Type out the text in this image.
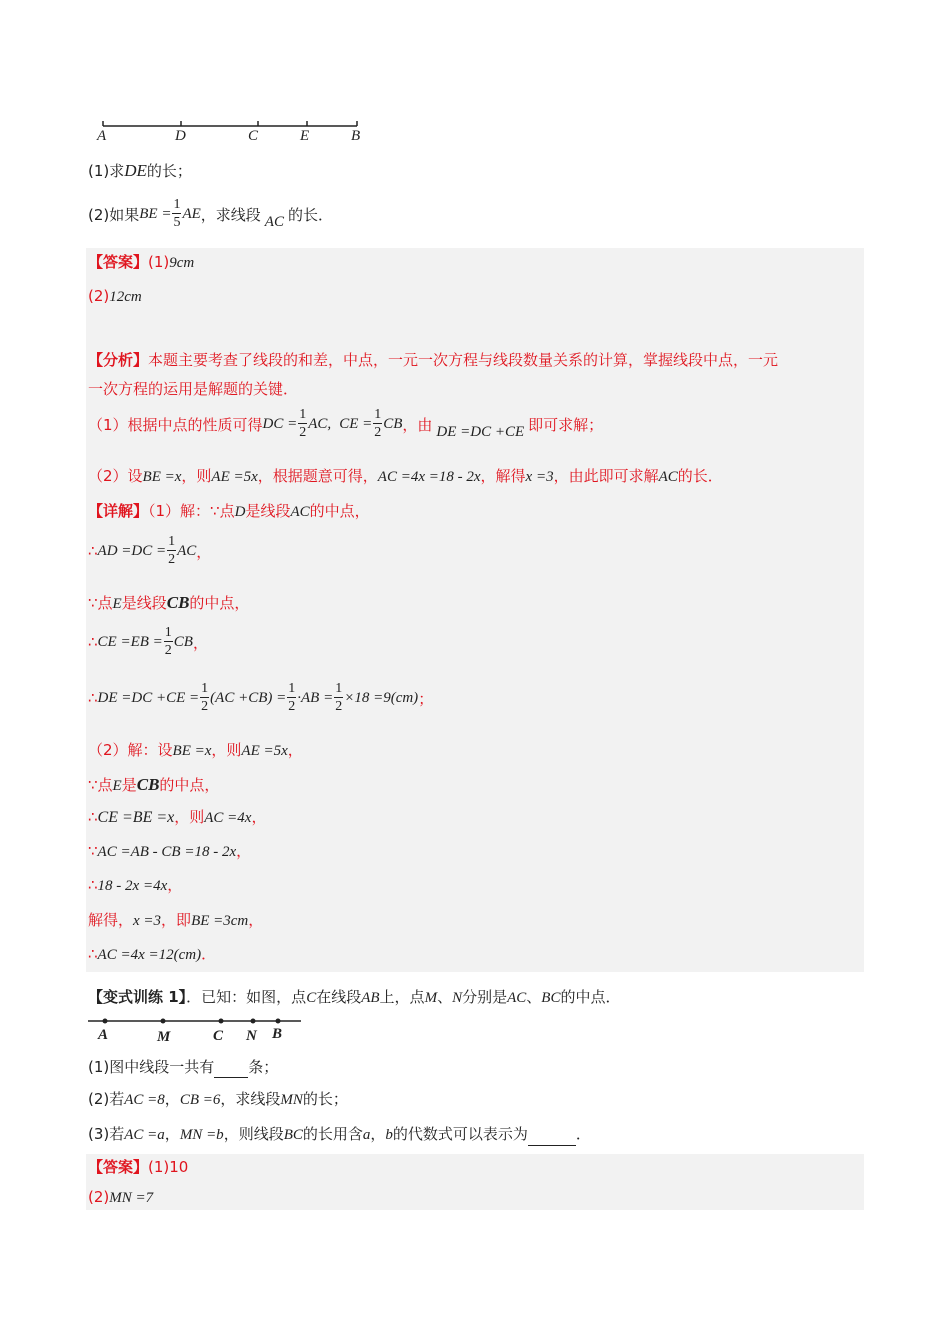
A	D	C	E	B
(1)求DE的长；
(2)如果 BE = $\frac{1}{5}$ AE ，求线段 AC 的长．
【答案】(1)9cm
(2)12cm
【分析】本题主要考查了线段的和差，中点，一元一次方程与线段数量关系的计算，掌握线段中点，一元
一次方程的运用是解题的关键．
（1）根据中点的性质可得 DC = $\frac{1}{2}$ AC, CE = $\frac{1}{2}$ CB ，由 DE =DC +CE 即可求解；
（2）设BE =x，则AE =5x，根据题意可得，AC =4x =18 - 2x，解得x =3，由此即可求解AC的长．
【详解】（1）解：∵点D是线段AC的中点，
∴ AD $=DC = \frac{1}{2}$ AC ，
∵点E是线段CB的中点，
∴ CE $=EB = \frac{1}{2}$ CB ，
∴ DE $=DC +CE = \frac{1}{2} (AC +CB) = \frac{1}{2} \cdot AB = \frac{1}{2} \times 18 =9(cm)$ ；
（2）解：设BE =x，则AE =5x，
∵点E是CB的中点，
∴CE =BE =x，则AC =4x，
∵AC =AB - CB =18 - 2x，
∴18 - 2x =4x，
解得，x =3，即BE =3cm，
∴AC =4x =12(cm)．
【变式训练 1】．已知：如图，点C在线段AB上，点M、N分别是AC、BC的中点．
A	M	C N B
(1)图中线段一共有 条；
(2)若AC =8，CB =6，求线段MN的长；
(3)若AC =a，MN =b，则线段BC的长用含a，b的代数式可以表示为	．
【答案】(1)10
(2)MN =7
